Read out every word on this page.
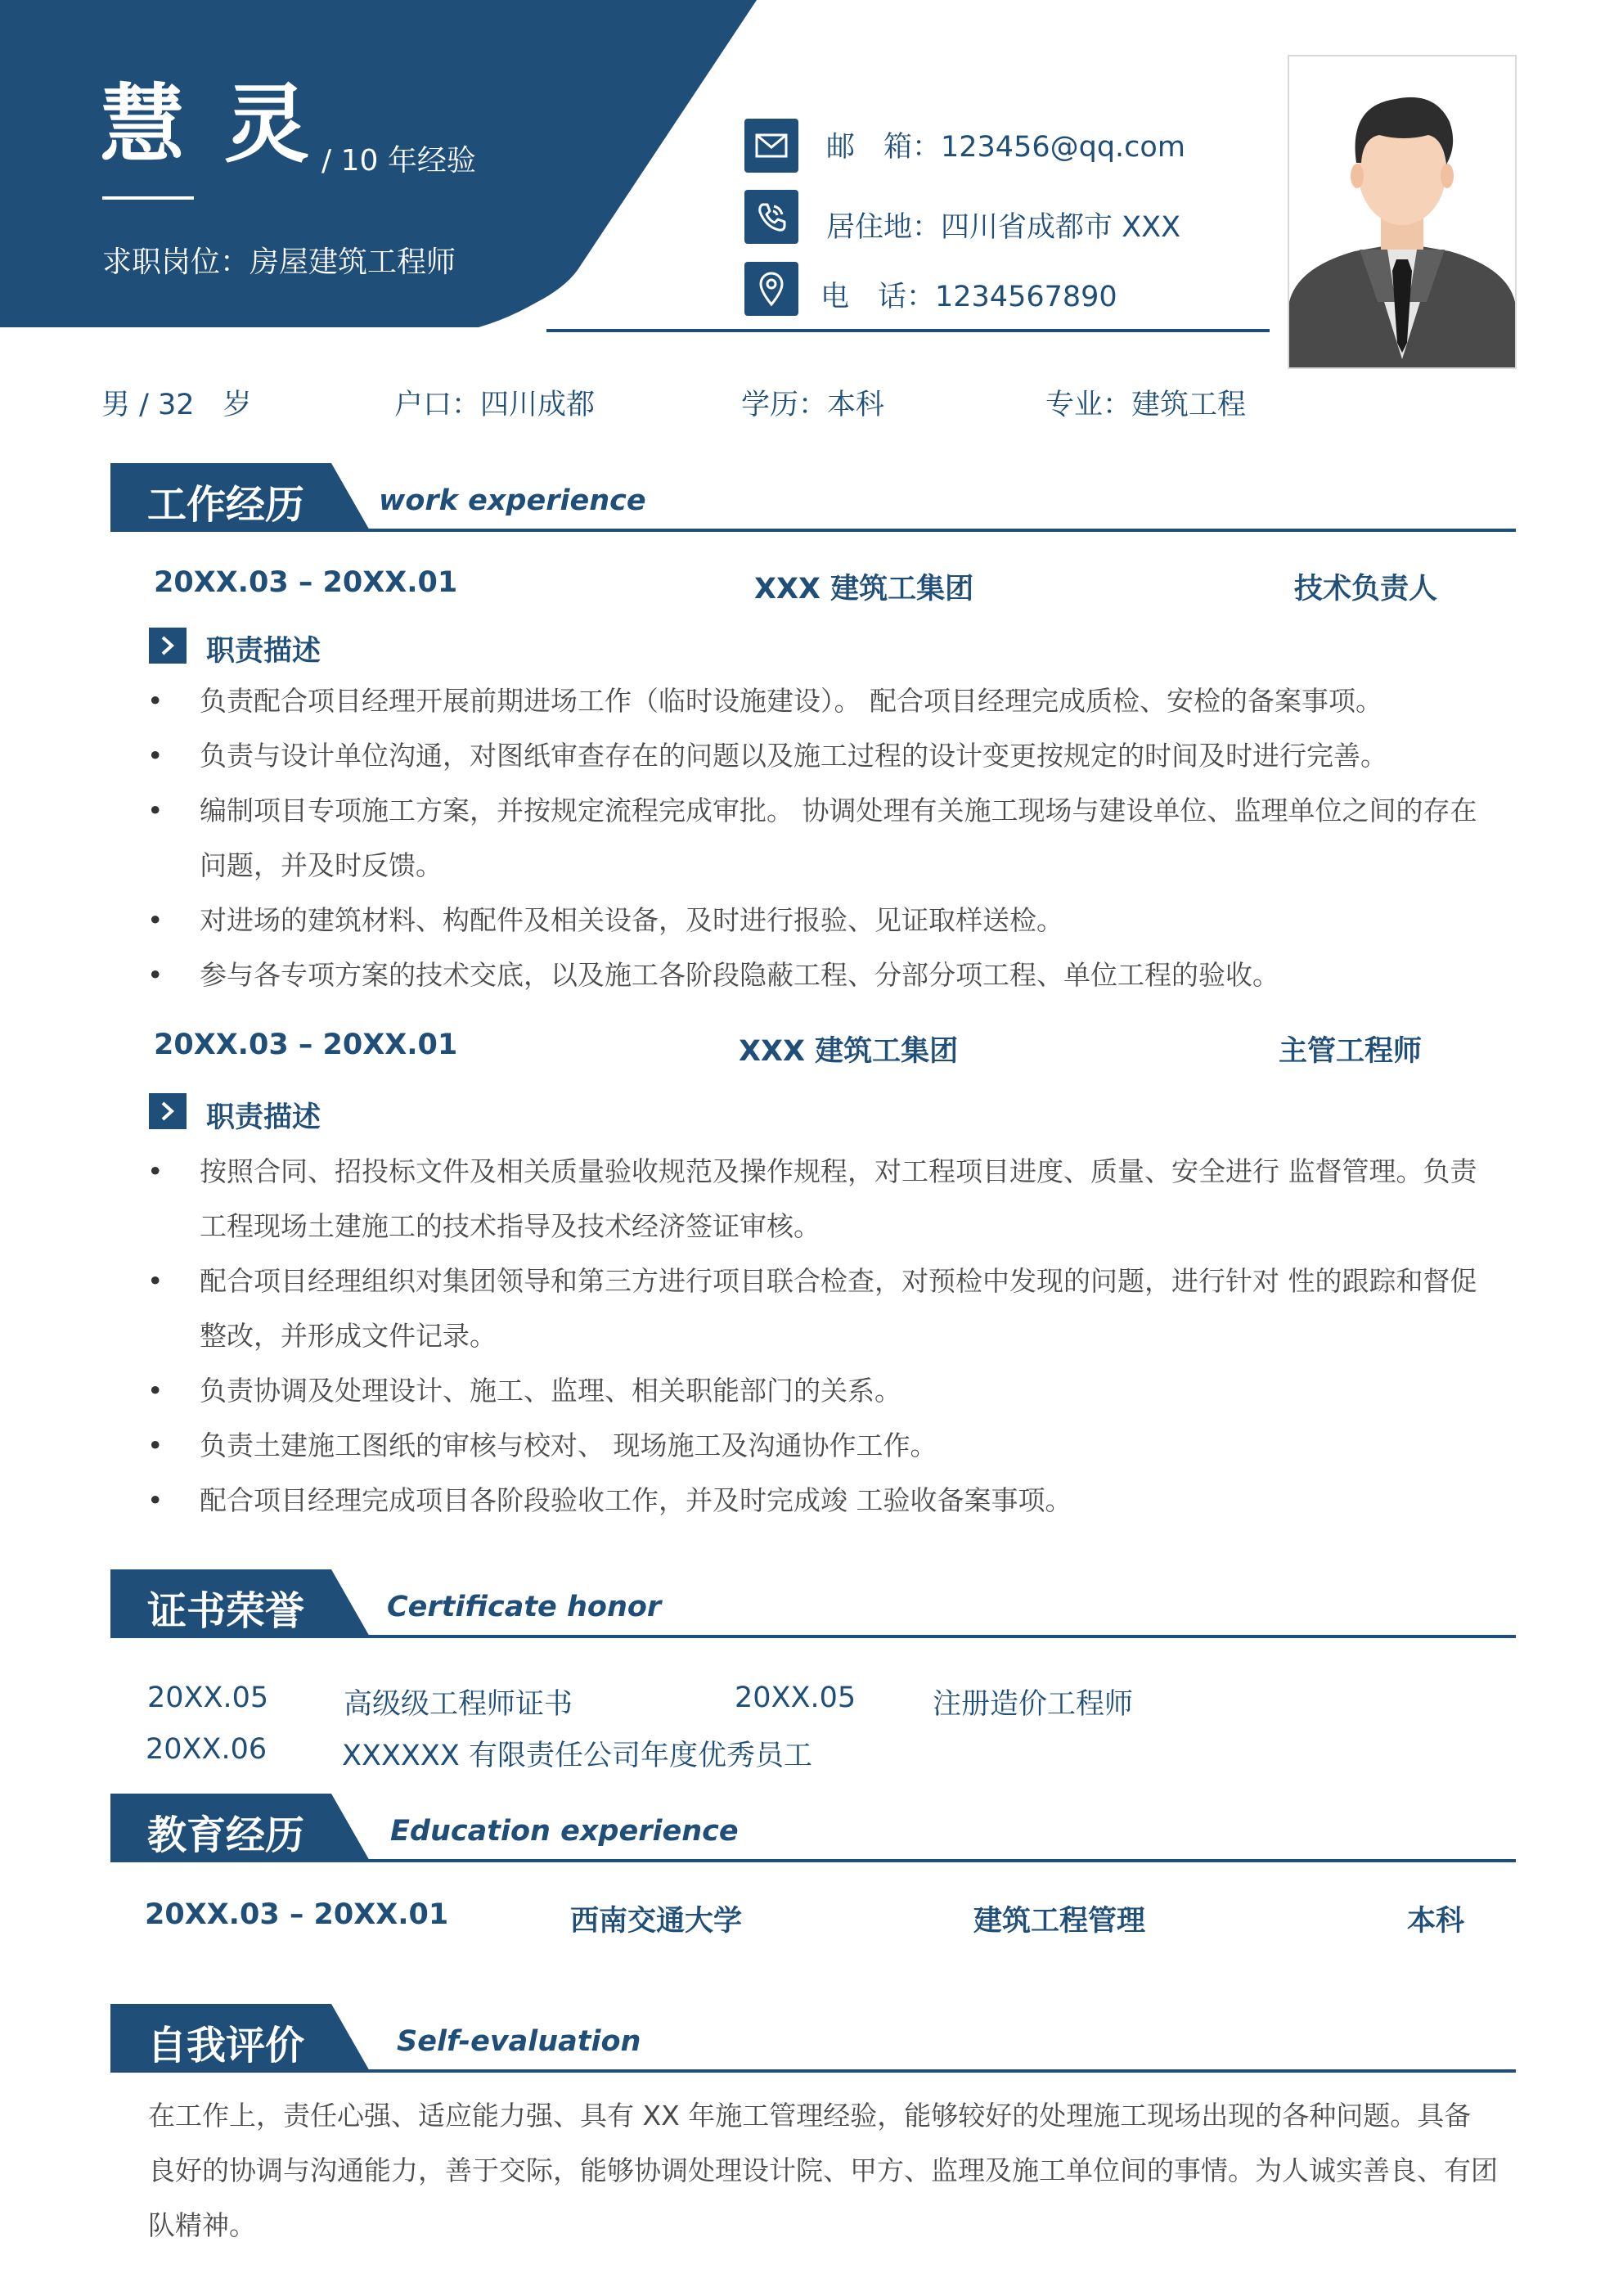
慧灵
/ 10 年经验
求职岗位：房屋建筑工程师
邮　箱：123456@qq.com
居住地：四川省成都市 XXX
电　话：1234567890
男 / 32　岁	户口：四川成都	学历：本科	专业：建筑工程
工作经历	work experience
20XX.03 – 20XX.01	XXX 建筑工集团	技术负责人
职责描述
• 负责配合项目经理开展前期进场工作（临时设施建设）。 配合项目经理完成质检、安检的备案事项。
• 负责与设计单位沟通，对图纸审查存在的问题以及施工过程的设计变更按规定的时间及时进行完善。
• 编制项目专项施工方案，并按规定流程完成审批。 协调处理有关施工现场与建设单位、监理单位之间的存在问题，并及时反馈。
• 对进场的建筑材料、构配件及相关设备，及时进行报验、见证取样送检。
• 参与各专项方案的技术交底，以及施工各阶段隐蔽工程、分部分项工程、单位工程的验收。
20XX.03 – 20XX.01	XXX 建筑工集团	主管工程师
职责描述
• 按照合同、招投标文件及相关质量验收规范及操作规程，对工程项目进度、质量、安全进行 监督管理。负责工程现场土建施工的技术指导及技术经济签证审核。
• 配合项目经理组织对集团领导和第三方进行项目联合检查，对预检中发现的问题，进行针对 性的跟踪和督促整改，并形成文件记录。
• 负责协调及处理设计、施工、监理、相关职能部门的关系。
• 负责土建施工图纸的审核与校对、 现场施工及沟通协作工作。
• 配合项目经理完成项目各阶段验收工作，并及时完成竣 工验收备案事项。
证书荣誉	Certificate honor
20XX.05	高级级工程师证书	20XX.05	注册造价工程师
20XX.06	XXXXXX 有限责任公司年度优秀员工
教育经历	Education experience
20XX.03 – 20XX.01	西南交通大学	建筑工程管理	本科
自我评价	Self-evaluation
在工作上，责任心强、适应能力强、具有 XX 年施工管理经验，能够较好的处理施工现场出现的各种问题。具备良好的协调与沟通能力，善于交际，能够协调处理设计院、甲方、监理及施工单位间的事情。为人诚实善良、有团队精神。
